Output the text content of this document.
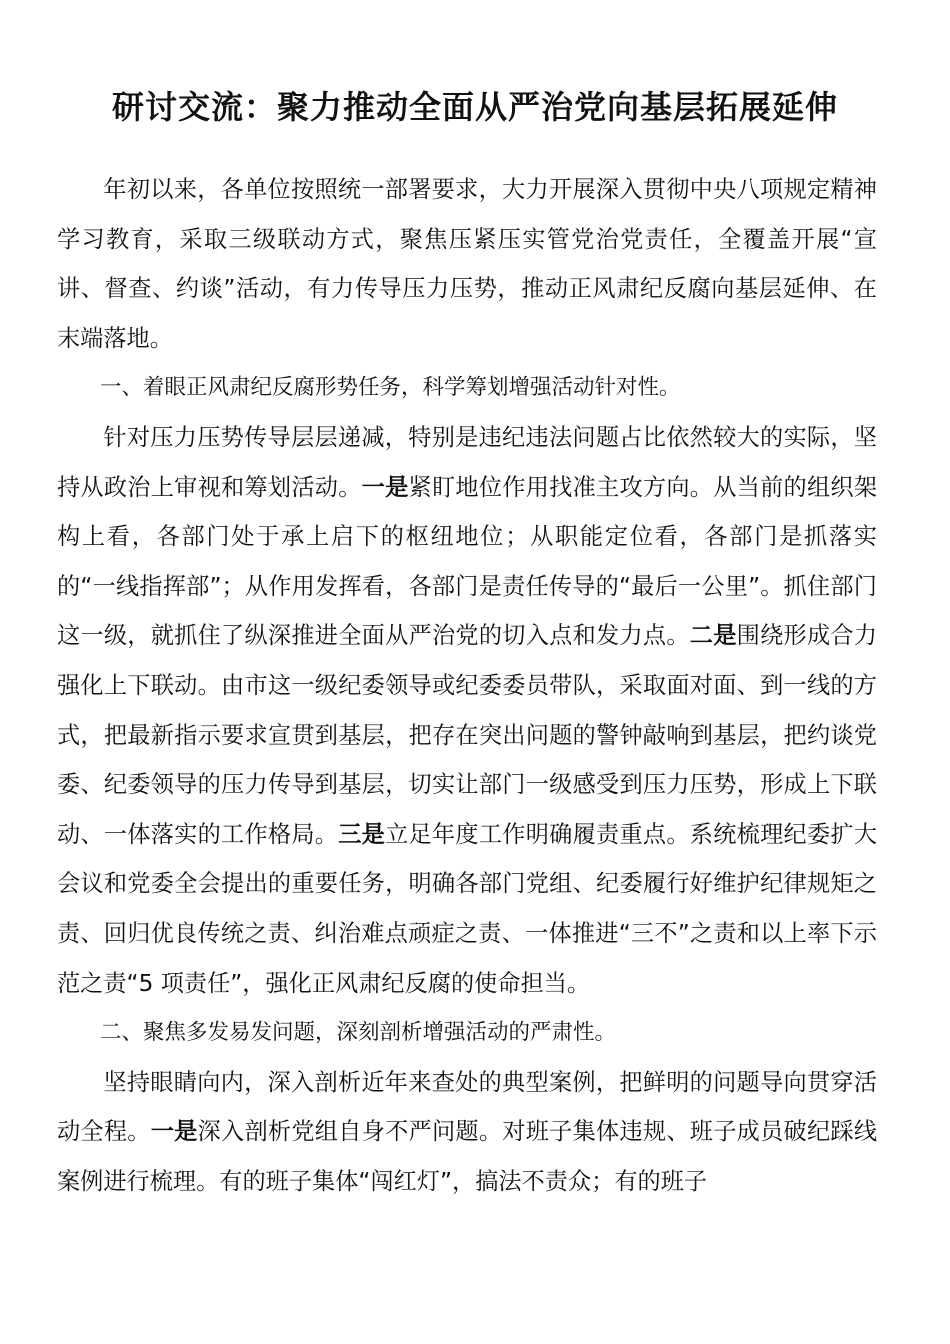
研讨交流：聚力推动全面从严治党向基层拓展延伸

年初以来，各单位按照统一部署要求，大力开展深入贯彻中央八项规定精神学习教育，采取三级联动方式，聚焦压紧压实管党治党责任，全覆盖开展“宣讲、督查、约谈”活动，有力传导压力压势，推动正风肃纪反腐向基层延伸、在末端落地。

一、着眼正风肃纪反腐形势任务，科学筹划增强活动针对性。

针对压力压势传导层层递减，特别是违纪违法问题占比依然较大的实际，坚持从政治上审视和筹划活动。一是紧盯地位作用找准主攻方向。从当前的组织架构上看，各部门处于承上启下的枢纽地位；从职能定位看，各部门是抓落实的“一线指挥部”；从作用发挥看，各部门是责任传导的“最后一公里”。抓住部门这一级，就抓住了纵深推进全面从严治党的切入点和发力点。二是围绕形成合力强化上下联动。由市这一级纪委领导或纪委委员带队，采取面对面、到一线的方式，把最新指示要求宣贯到基层，把存在突出问题的警钟敲响到基层，把约谈党委、纪委领导的压力传导到基层，切实让部门一级感受到压力压势，形成上下联动、一体落实的工作格局。三是立足年度工作明确履责重点。系统梳理纪委扩大会议和党委全会提出的重要任务，明确各部门党组、纪委履行好维护纪律规矩之责、回归优良传统之责、纠治难点顽症之责、一体推进“三不”之责和以上率下示范之责“5 项责任”，强化正风肃纪反腐的使命担当。

二、聚焦多发易发问题，深刻剖析增强活动的严肃性。

坚持眼睛向内，深入剖析近年来查处的典型案例，把鲜明的问题导向贯穿活动全程。一是深入剖析党组自身不严问题。对班子集体违规、班子成员破纪踩线案例进行梳理。有的班子集体“闯红灯”，搞法不责众；有的班子
